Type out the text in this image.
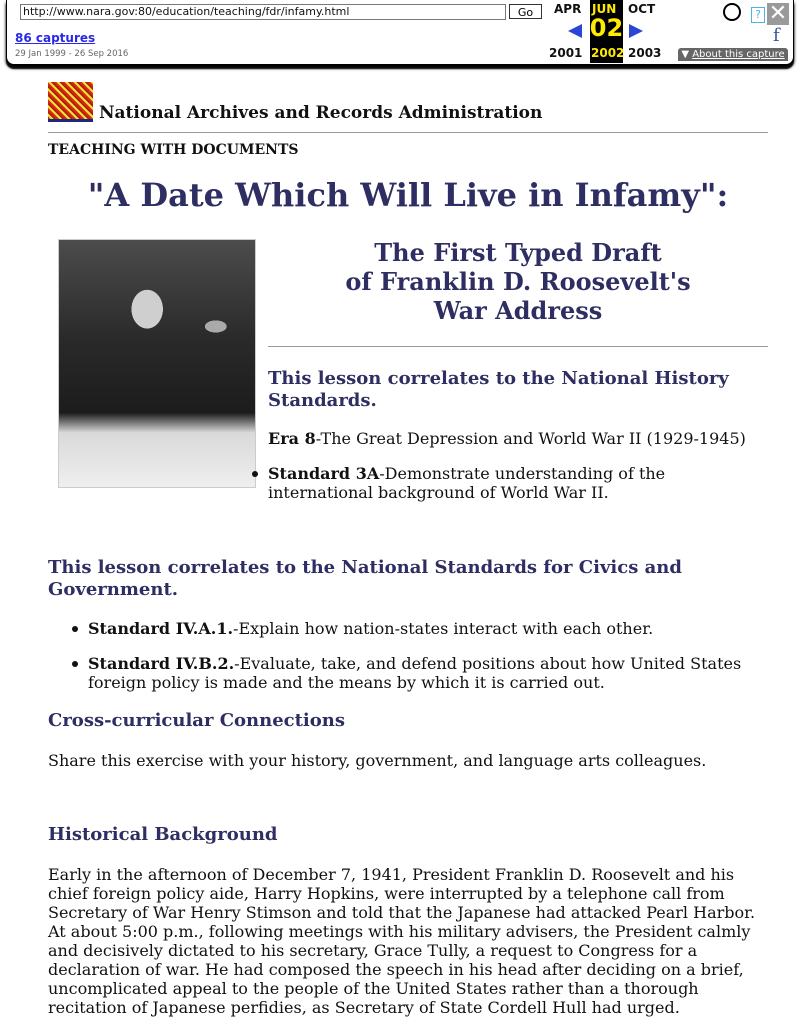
http://www.nara.gov:80/education/teaching/fdr/infamy.html
Go
86 captures
29 Jan 1999 - 26 Sep 2016
APR
2001
JUN
02
2002
OCT
2003
? ✕
f
▼ About this capture
National Archives and Records Administration
TEACHING WITH DOCUMENTS
"A Date Which Will Live in Infamy":
The First Typed Draft
of Franklin D. Roosevelt's
War Address
This lesson correlates to the National History Standards.
Era 8-The Great Depression and World War II (1929-1945)
Standard 3A-Demonstrate understanding of the international background of World War II.
This lesson correlates to the National Standards for Civics and Government.
Standard IV.A.1.-Explain how nation-states interact with each other.
Standard IV.B.2.-Evaluate, take, and defend positions about how United States foreign policy is made and the means by which it is carried out.
Cross-curricular Connections
Share this exercise with your history, government, and language arts colleagues.
Historical Background
Early in the afternoon of December 7, 1941, President Franklin D. Roosevelt and his chief foreign policy aide, Harry Hopkins, were interrupted by a telephone call from Secretary of War Henry Stimson and told that the Japanese had attacked Pearl Harbor. At about 5:00 p.m., following meetings with his military advisers, the President calmly and decisively dictated to his secretary, Grace Tully, a request to Congress for a declaration of war. He had composed the speech in his head after deciding on a brief, uncomplicated appeal to the people of the United States rather than a thorough recitation of Japanese perfidies, as Secretary of State Cordell Hull had urged.
